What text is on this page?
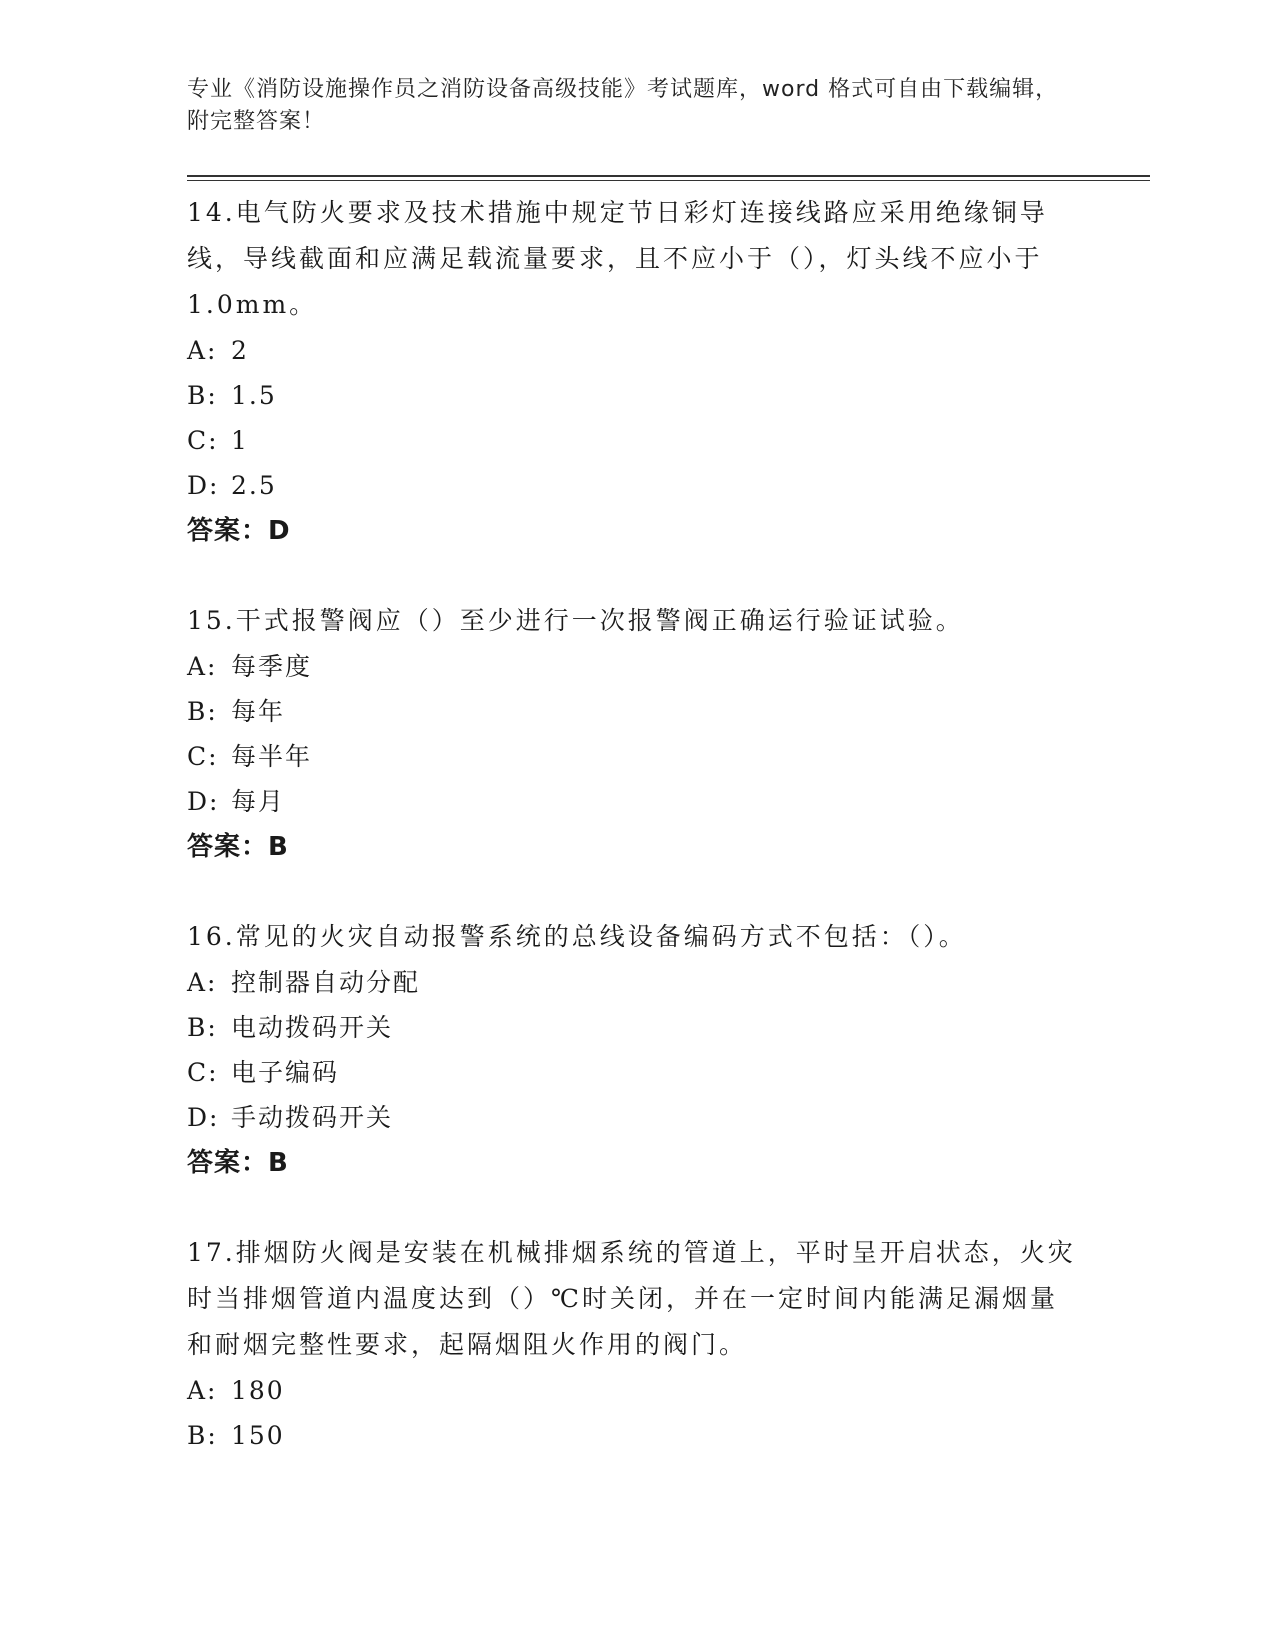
专业《消防设施操作员之消防设备高级技能》考试题库，word 格式可自由下载编辑，附完整答案！
14.电气防火要求及技术措施中规定节日彩灯连接线路应采用绝缘铜导线，导线截面和应满足载流量要求，且不应小于（），灯头线不应小于 1.0mm。
A: 2
B: 1.5
C: 1
D: 2.5
答案：D
15.干式报警阀应（）至少进行一次报警阀正确运行验证试验。
A: 每季度
B: 每年
C: 每半年
D: 每月
答案：B
16.常见的火灾自动报警系统的总线设备编码方式不包括：（）。
A: 控制器自动分配
B: 电动拨码开关
C: 电子编码
D: 手动拨码开关
答案：B
17.排烟防火阀是安装在机械排烟系统的管道上，平时呈开启状态，火灾时当排烟管道内温度达到（）℃时关闭，并在一定时间内能满足漏烟量和耐烟完整性要求，起隔烟阻火作用的阀门。
A: 180
B: 150
